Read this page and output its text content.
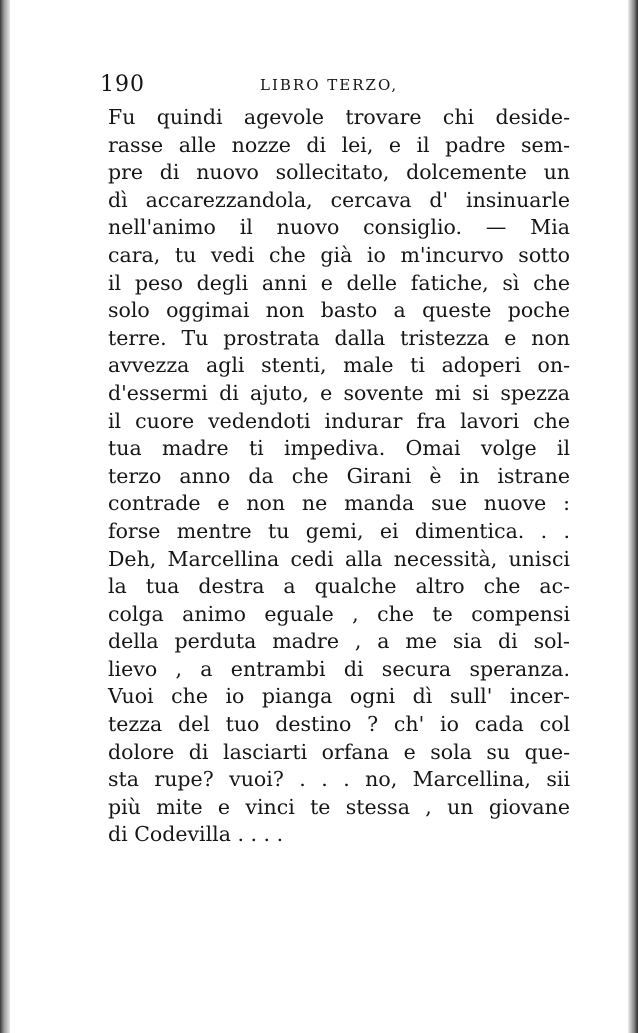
190	LIBRO TERZO,
Fu quindi agevole trovare chi deside-
rasse alle nozze di lei, e il padre sem-
pre di nuovo sollecitato, dolcemente un
dì accarezzandola, cercava d' insinuarle
nell'animo il nuovo consiglio. — Mia
cara, tu vedi che già io m'incurvo sotto
il peso degli anni e delle fatiche, sì che
solo oggimai non basto a queste poche
terre. Tu prostrata dalla tristezza e non
avvezza agli stenti, male ti adoperi on-
d'essermi di ajuto, e sovente mi si spezza
il cuore vedendoti indurar fra lavori che
tua madre ti impediva. Omai volge il
terzo anno da che Girani è in istrane
contrade e non ne manda sue nuove :
forse mentre tu gemi, ei dimentica. . .
Deh, Marcellina cedi alla necessità, unisci
la tua destra a qualche altro che ac-
colga animo eguale , che te compensi
della perduta madre , a me sia di sol-
lievo , a entrambi di secura speranza.
Vuoi che io pianga ogni dì sull' incer-
tezza del tuo destino ? ch' io cada col
dolore di lasciarti orfana e sola su que-
sta rupe? vuoi? . . . no, Marcellina, sii
più mite e vinci te stessa , un giovane
di Codevilla . . . .
